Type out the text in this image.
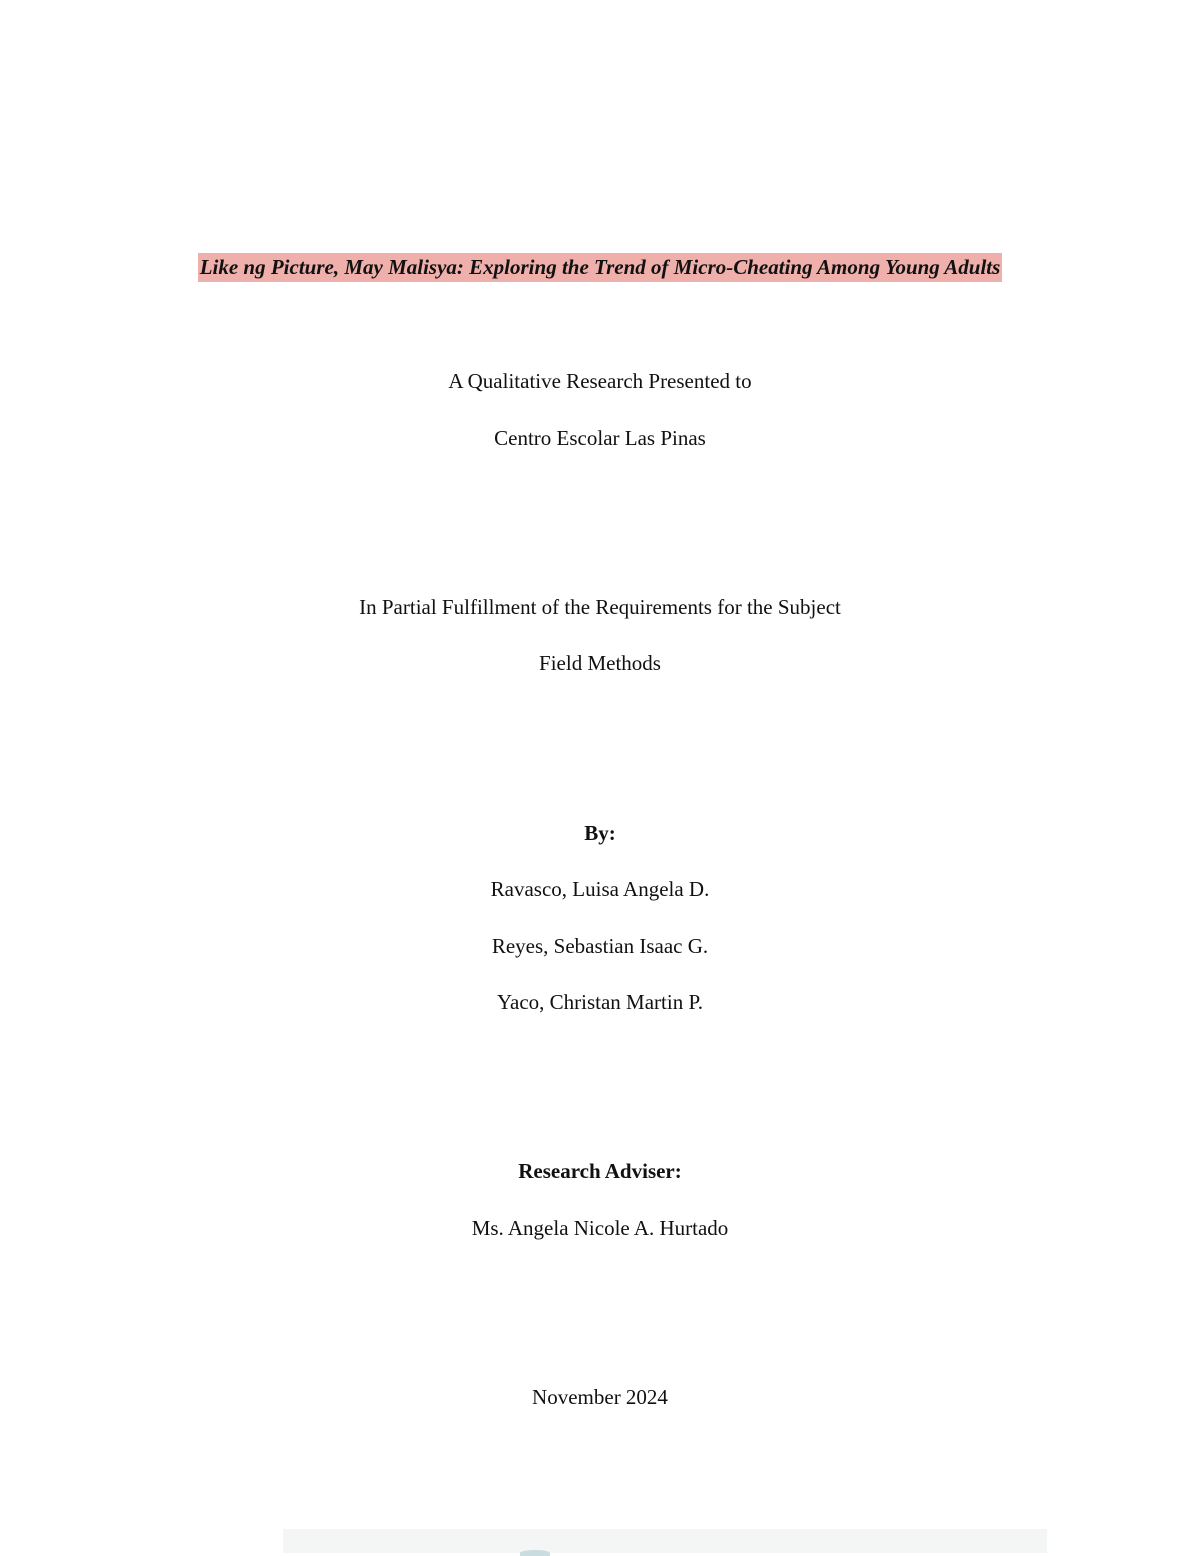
Like ng Picture, May Malisya: Exploring the Trend of Micro-Cheating Among Young Adults
A Qualitative Research Presented to
Centro Escolar Las Pinas
In Partial Fulfillment of the Requirements for the Subject
Field Methods
By:
Ravasco, Luisa Angela D.
Reyes, Sebastian Isaac G.
Yaco, Christan Martin P.
Research Adviser:
Ms. Angela Nicole A. Hurtado
November 2024
